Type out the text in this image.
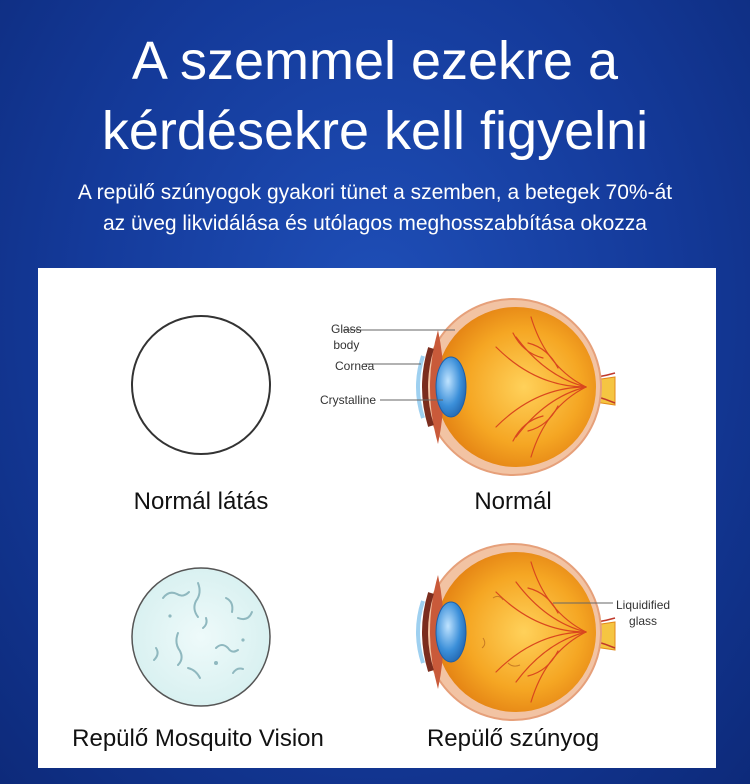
A szemmel ezekre a
kérdésekre kell figyelni
A repülő szúnyogok gyakori tünet a szemben, a betegek 70%-át
az üveg likvidálása és utólagos meghosszabbítása okozza
Glass
body
Cornea
Crystalline
Liquidified
glass
Normál látás	Normál
Repülő Mosquito Vision	Repülő szúnyog
